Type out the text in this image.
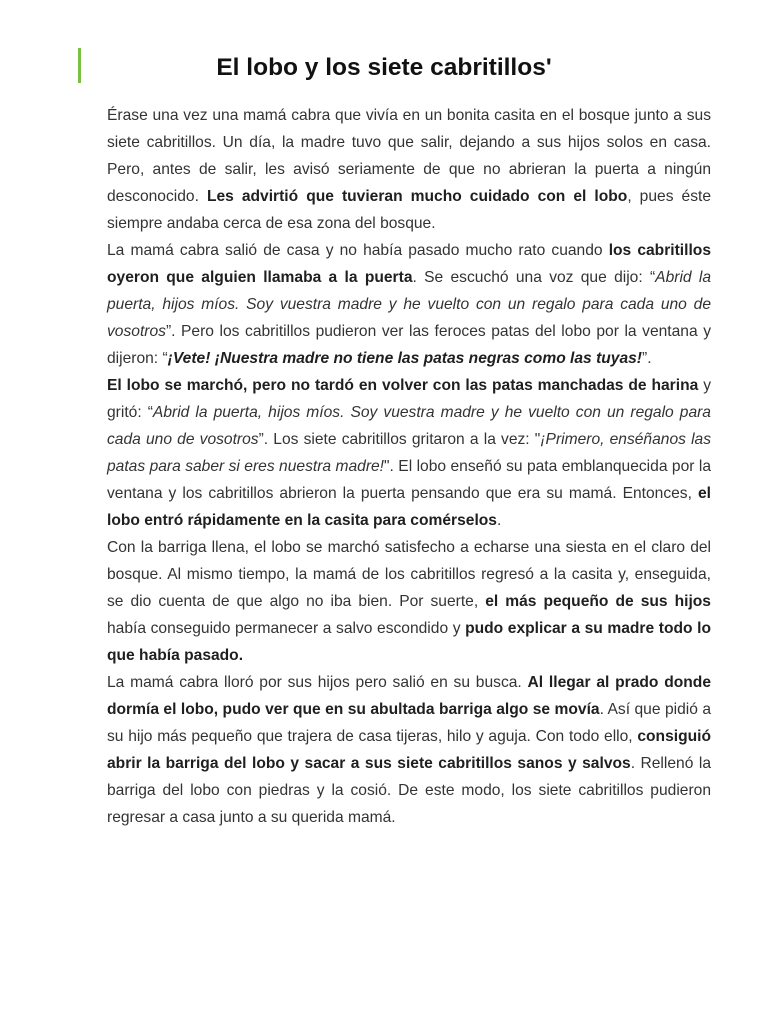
El lobo y los siete cabritillos'

Érase una vez una mamá cabra que vivía en un bonita casita en el bosque junto a sus siete cabritillos. Un día, la madre tuvo que salir, dejando a sus hijos solos en casa. Pero, antes de salir, les avisó seriamente de que no abrieran la puerta a ningún desconocido. Les advirtió que tuvieran mucho cuidado con el lobo, pues éste siempre andaba cerca de esa zona del bosque.

La mamá cabra salió de casa y no había pasado mucho rato cuando los cabritillos oyeron que alguien llamaba a la puerta. Se escuchó una voz que dijo: “Abrid la puerta, hijos míos. Soy vuestra madre y he vuelto con un regalo para cada uno de vosotros”. Pero los cabritillos pudieron ver las feroces patas del lobo por la ventana y dijeron: “¡Vete! ¡Nuestra madre no tiene las patas negras como las tuyas!”.

El lobo se marchó, pero no tardó en volver con las patas manchadas de harina y gritó: “Abrid la puerta, hijos míos. Soy vuestra madre y he vuelto con un regalo para cada uno de vosotros”. Los siete cabritillos gritaron a la vez: "¡Primero, enséñanos las patas para saber si eres nuestra madre!". El lobo enseñó su pata emblanquecida por la ventana y los cabritillos abrieron la puerta pensando que era su mamá. Entonces, el lobo entró rápidamente en la casita para comérselos.

Con la barriga llena, el lobo se marchó satisfecho a echarse una siesta en el claro del bosque. Al mismo tiempo, la mamá de los cabritillos regresó a la casita y, enseguida, se dio cuenta de que algo no iba bien. Por suerte, el más pequeño de sus hijos había conseguido permanecer a salvo escondido y pudo explicar a su madre todo lo que había pasado.

La mamá cabra lloró por sus hijos pero salió en su busca. Al llegar al prado donde dormía el lobo, pudo ver que en su abultada barriga algo se movía. Así que pidió a su hijo más pequeño que trajera de casa tijeras, hilo y aguja. Con todo ello, consiguió abrir la barriga del lobo y sacar a sus siete cabritillos sanos y salvos. Rellenó la barriga del lobo con piedras y la cosió. De este modo, los siete cabritillos pudieron regresar a casa junto a su querida mamá.
